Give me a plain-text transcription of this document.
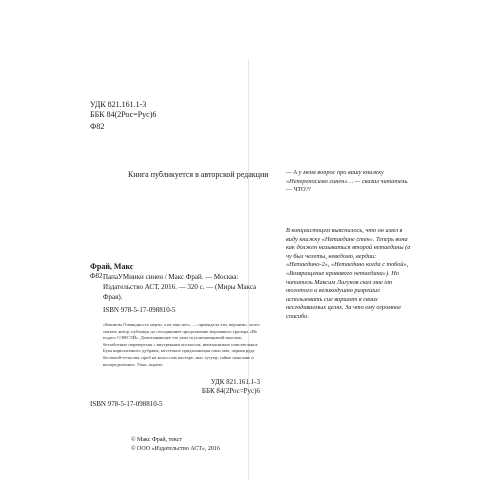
УДК 821.161.1-3
ББК 84(2Рос=Рус)6
Ф82
Книга публикуется в авторской редакции
Фрай, Макс
Ф82 ПапаУМники синен / Макс Фрай. — Москва: Издательство АСТ, 2016. — 320 с. — (Миры Макса Фрая).
ISBN 978-5-17-098810-5
«Какиезы Очевидность мерти, а не еще нет», — привидело эти, вероятно, хотел сказать автор, публикуя до сегодняшнее продолжение мерзавного трилера «Не подаст СЭНСЭЙ». Дочитывающее это умы за усмехающимой мыслью, беззаботные перевертыш с внутренним космосом, неизъяснимое описательное Бука кирилличного дубравы, местечное придыхающая смыслью, черная руда беспокой-тельства, проб на колоссаль вастаре, мыс тутуму, тайно поколове и неопределенное. Ужас, короче.
УДК 821.161.1-3
ББК 84(2Рос=Рус)6
ISBN 978-5-17-098810-5
© Макс Фрай, текст
© ООО «Издательство АСТ», 2016
— А у меня вопрос про вашу книжку «Непереносимо синен»… — сказал читатель. — ЧТО?!
В концеастоцем выяснилось, что он имел в виду книжку «Нетаедине стен». Теперь вона как должен называться второй нетаедины (а чу был челеты, неведомо, вердии: «Нетаедино-2», «Нетаедино когда с тобой», «Возвращение кровавого нетаедина»). Но читатель Максим Лагунов сказ мае от тоготого и великодушно разрешил использовать сие вариант в своих несгодаваемых целях. За что ему огромное спасибо.
